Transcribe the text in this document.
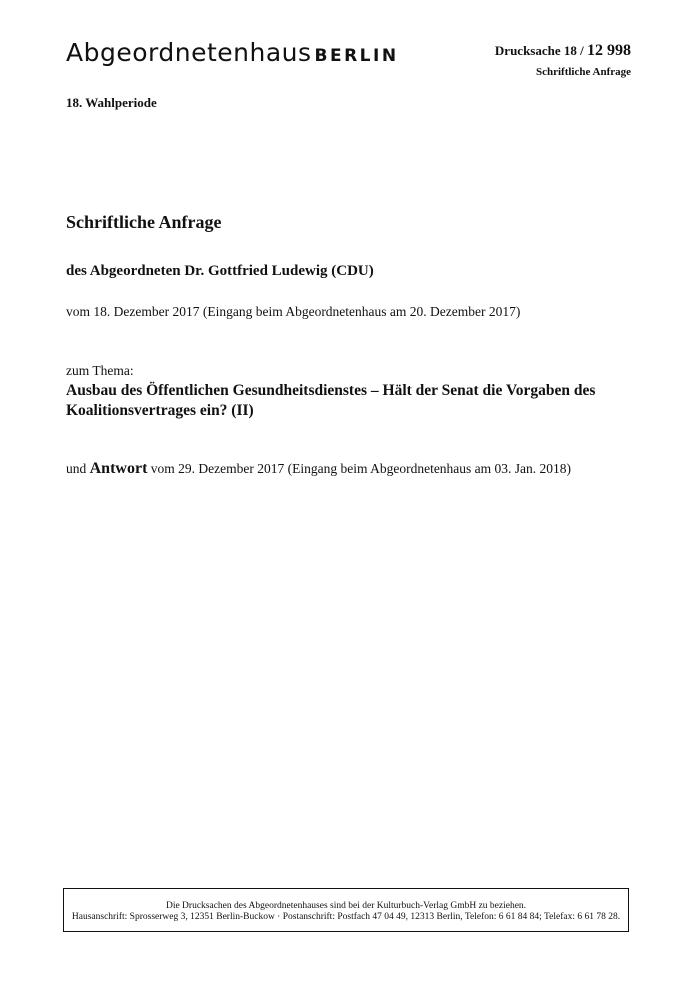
Abgeordnetenhaus BERLIN	Drucksache 18 / 12 998
Schriftliche Anfrage
18. Wahlperiode
Schriftliche Anfrage
des Abgeordneten Dr. Gottfried Ludewig (CDU)
vom 18. Dezember 2017 (Eingang beim Abgeordnetenhaus am 20. Dezember 2017)
zum Thema:
Ausbau des Öffentlichen Gesundheitsdienstes – Hält der Senat die Vorgaben des Koalitionsvertrages ein? (II)
und Antwort vom 29. Dezember 2017 (Eingang beim Abgeordnetenhaus am 03. Jan. 2018)
Die Drucksachen des Abgeordnetenhauses sind bei der Kulturbuch-Verlag GmbH zu beziehen.
Hausanschrift: Sprosserweg 3, 12351 Berlin-Buckow · Postanschrift: Postfach 47 04 49, 12313 Berlin, Telefon: 6 61 84 84; Telefax: 6 61 78 28.
